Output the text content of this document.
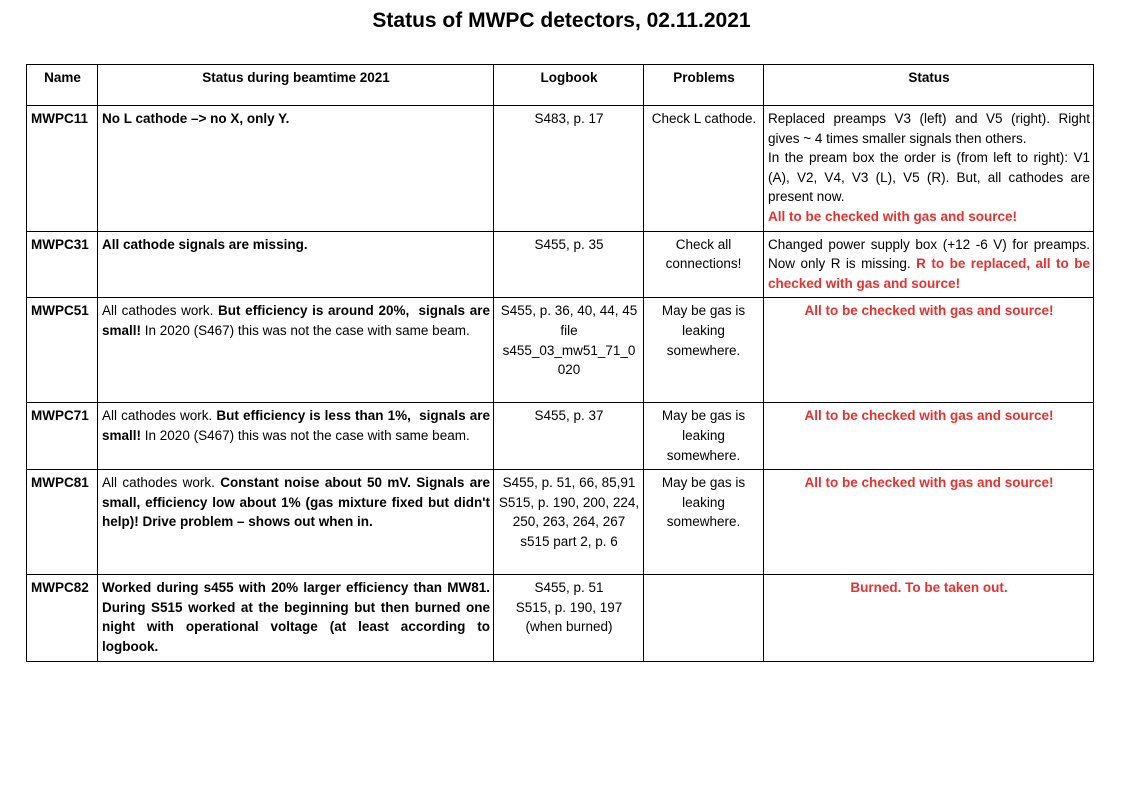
Status of MWPC detectors, 02.11.2021
Name	Status during beamtime 2021	Logbook	Problems	Status
MWPC11	No L cathode –> no X, only Y.	S483, p. 17	Check L cathode.	Replaced preamps V3 (left) and V5 (right). Right gives ~ 4 times smaller signals then others.
In the pream box the order is (from left to right): V1 (A), V2, V4, V3 (L), V5 (R). But, all cathodes are present now.
All to be checked with gas and source!

MWPC31	All cathode signals are missing.	S455, p. 35	Check all connections!	Changed power supply box (+12 -6 V) for preamps. Now only R is missing. R to be replaced, all to be checked with gas and source!
MWPC51	All cathodes work. But efficiency is around 20%,  signals are small! In 2020 (S467) this was not the case with same beam.	S455, p. 36, 40, 44, 45
file
s455_03_mw51_71_0020	May be gas is leaking somewhere.	All to be checked with gas and source!
MWPC71	All cathodes work. But efficiency is less than 1%,  signals are small! In 2020 (S467) this was not the case with same beam.	S455, p. 37	May be gas is leaking somewhere.	All to be checked with gas and source!
MWPC81	All cathodes work. Constant noise about 50 mV. Signals are small, efficiency low about 1% (gas mixture fixed but didn't help)! Drive problem – shows out when in.	S455, p. 51, 66, 85,91
S515, p. 190, 200, 224, 250, 263, 264, 267
s515 part 2, p. 6	May be gas is leaking somewhere.	All to be checked with gas and source!
MWPC82	Worked during s455 with 20% larger efficiency than MW81. During S515 worked at the beginning but then burned one night with operational voltage (at least according to logbook.	S455, p. 51
S515, p. 190, 197
(when burned)		Burned. To be taken out.
